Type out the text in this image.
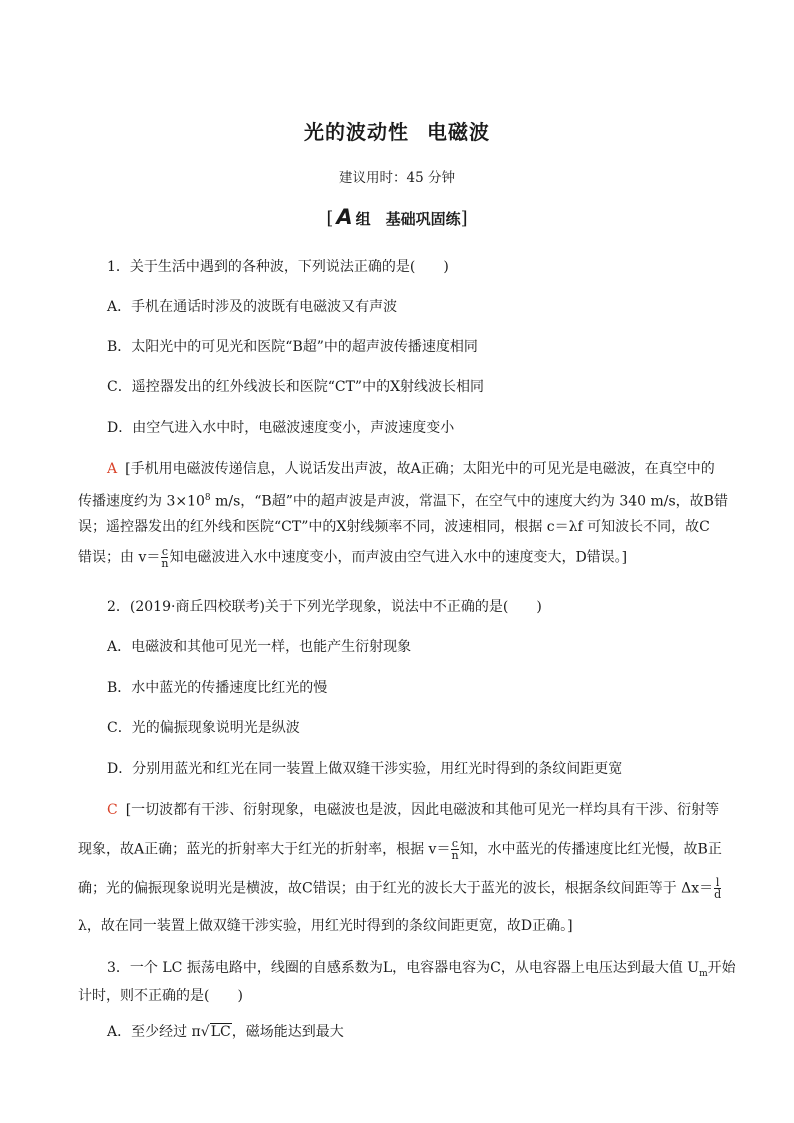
光的波动性 电磁波
建议用时：45 分钟
[ A 组　基础巩固练]
1．关于生活中遇到的各种波，下列说法正确的是(　　)
A．手机在通话时涉及的波既有电磁波又有声波
B．太阳光中的可见光和医院“B超”中的超声波传播速度相同
C．遥控器发出的红外线波长和医院“CT”中的X射线波长相同
D．由空气进入水中时，电磁波速度变小，声波速度变小
A [手机用电磁波传递信息，人说话发出声波，故A正确；太阳光中的可见光是电磁波，在真空中的
传播速度约为 $3\times 10^8$ m/s，“B超”中的超声波是声波，常温下，在空气中的速度大约为 340 m/s，故B错
误；遥控器发出的红外线和医院“CT”中的X射线频率不同，波速相同，根据 c＝λf 可知波长不同，故C
错误；由 $v= \frac{c}{n}$ 知电磁波进入水中速度变小，而声波由空气进入水中的速度变大，D错误。]
2．(2019·商丘四校联考)关于下列光学现象，说法中不正确的是(　　)
A．电磁波和其他可见光一样，也能产生衍射现象
B．水中蓝光的传播速度比红光的慢
C．光的偏振现象说明光是纵波
D．分别用蓝光和红光在同一装置上做双缝干涉实验，用红光时得到的条纹间距更宽
C [一切波都有干涉、衍射现象，电磁波也是波，因此电磁波和其他可见光一样均具有干涉、衍射等
现象，故A正确；蓝光的折射率大于红光的折射率，根据 $v= \frac{c}{n}$ 知，水中蓝光的传播速度比红光慢，故B正
确；光的偏振现象说明光是横波，故C错误；由于红光的波长大于蓝光的波长，根据条纹间距等于 $\Delta x= \frac{l}{d}$
λ，故在同一装置上做双缝干涉实验，用红光时得到的条纹间距更宽，故D正确。]
3．一个 LC 振荡电路中，线圈的自感系数为L，电容器电容为C，从电容器上电压达到最大值 $U_m$开始
计时，则不正确的是(　　)
A．至少经过 π√LC，磁场能达到最大
